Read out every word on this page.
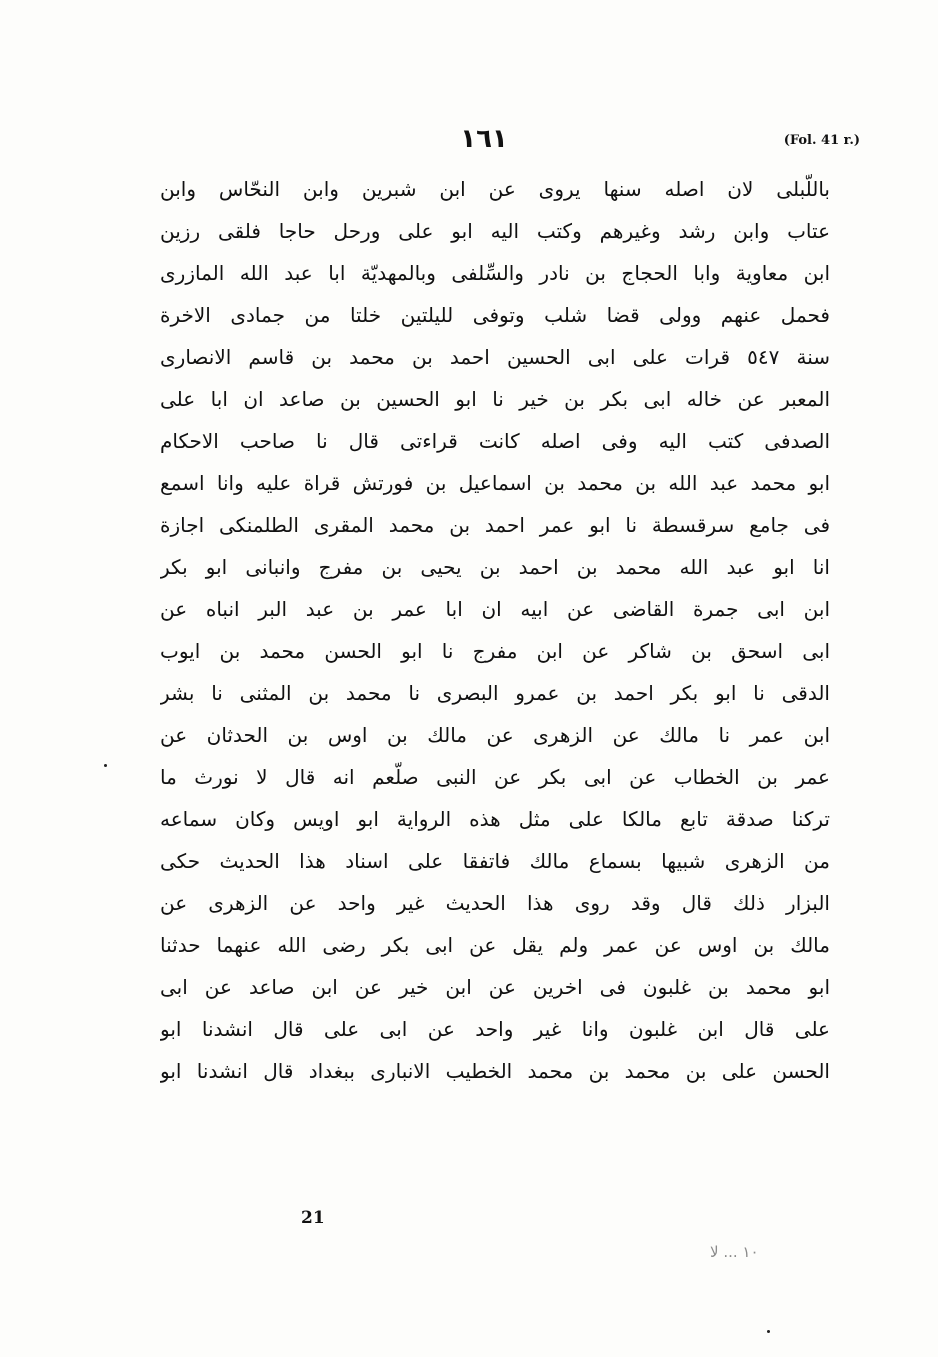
(Fol. 41 r.)
١٦١
باللّبلى لان اصله سنها يروى عن ابن شبرين وابن النحّاس وابن
عتاب وابن رشد وغيرهم وكتب اليه ابو على ورحل حاجا فلقى رزين
ابن معاوية وابا الحجاج بن نادر والسِّلفى وبالمهديّة ابا عبد الله المازرى
فحمل عنهم وولى قضا شلب وتوفى لليلتين خلتا من جمادى الاخرة
سنة ٥٤٧ قرات على ابى الحسين احمد بن محمد بن قاسم الانصارى
المعبر عن خاله ابى بكر بن خير نا ابو الحسين بن صاعد ان ابا على
الصدفى كتب اليه وفى اصله كانت قراءتى قال نا صاحب الاحكام
ابو محمد عبد الله بن محمد بن اسماعيل بن فورتش قراة عليه وانا اسمع
فى جامع سرقسطة نا ابو عمر احمد بن محمد المقرى الطلمنكى اجازة
انا ابو عبد الله محمد بن احمد بن يحيى بن مفرج وانبانى ابو بكر
ابن ابى جمرة القاضى عن ابيه ان ابا عمر بن عبد البر انباه عن
ابى اسحق بن شاكر عن ابن مفرج نا ابو الحسن محمد بن ايوب
الدقى نا ابو بكر احمد بن عمرو البصرى نا محمد بن المثنى نا بشر
ابن عمر نا مالك عن الزهرى عن مالك بن اوس بن الحدثان عن
عمر بن الخطاب عن ابى بكر عن النبى صلّعم انه قال لا نورث ما
تركنا صدقة تابع مالكا على مثل هذه الرواية ابو اويس وكان سماعه
من الزهرى شبيها بسماع مالك فاتفقا على اسناد هذا الحديث حكى
البزار ذلك قال وقد روى هذا الحديث غير واحد عن الزهرى عن
مالك بن اوس عن عمر ولم يقل عن ابى بكر رضى الله عنهما حدثنا
ابو محمد بن غلبون فى اخرين عن ابن خير عن ابن صاعد عن ابى
على قال ابن غلبون وانا غير واحد عن ابى على قال انشدنا ابو
الحسن على بن محمد بن محمد الخطيب الانبارى ببغداد قال انشدنا ابو
21
١٠ ... لا
